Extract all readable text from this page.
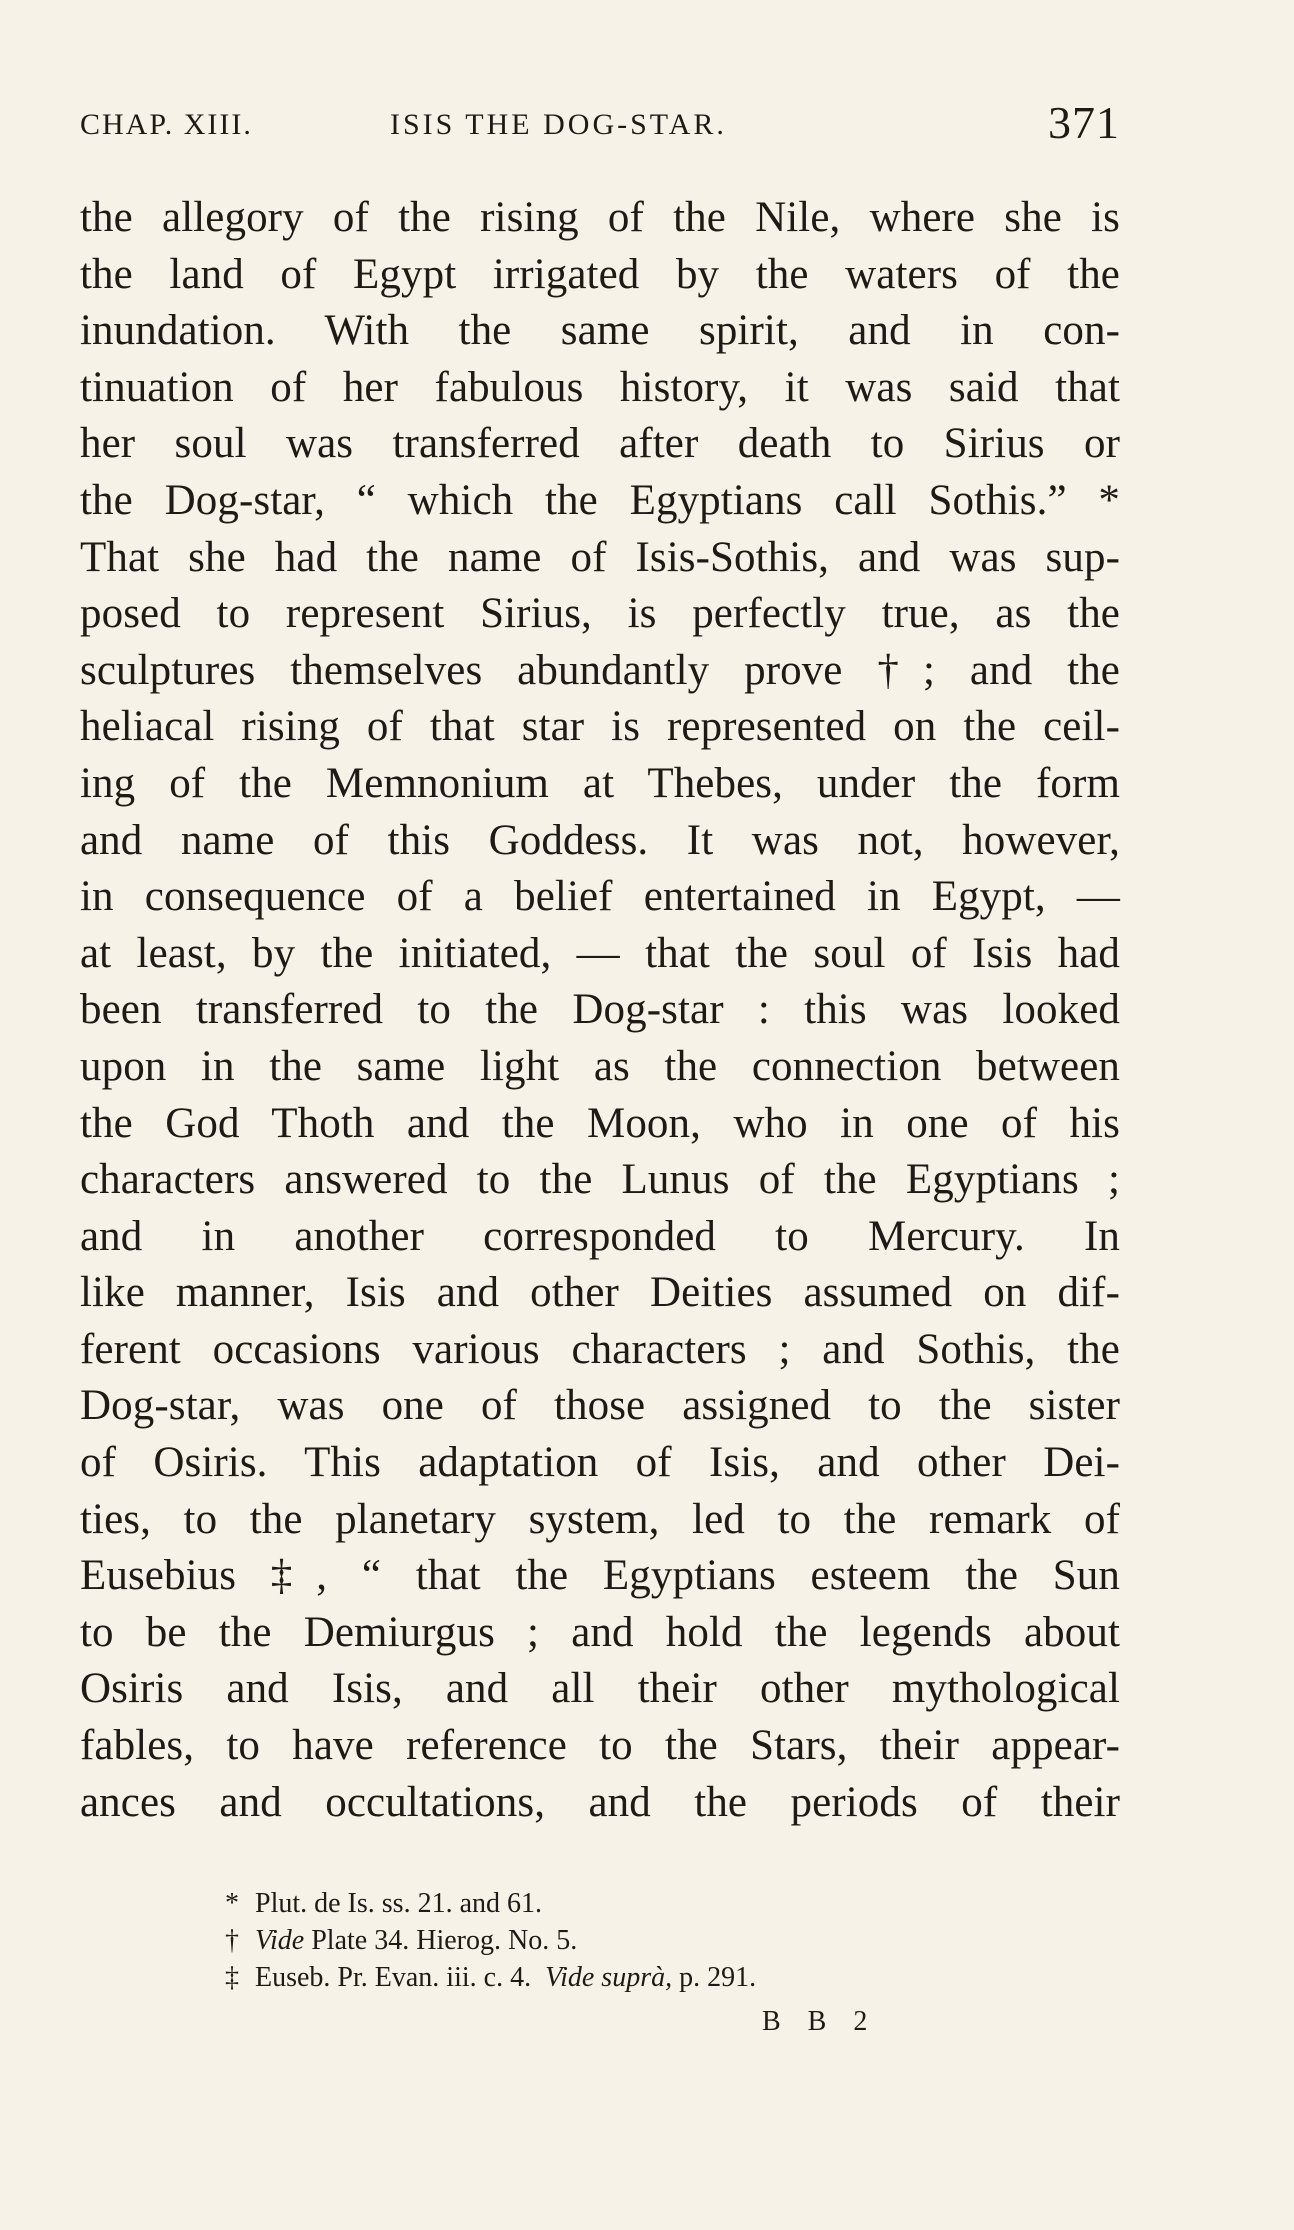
CHAP. XIII.	ISIS THE DOG-STAR.	371
the allegory of the rising of the Nile, where she is
the land of Egypt irrigated by the waters of the
inundation. With the same spirit, and in con-
tinuation of her fabulous history, it was said that
her soul was transferred after death to Sirius or
the Dog-star, “ which the Egyptians call Sothis.” *
That she had the name of Isis-Sothis, and was sup-
posed to represent Sirius, is perfectly true, as the
sculptures themselves abundantly prove †; and the
heliacal rising of that star is represented on the ceil-
ing of the Memnonium at Thebes, under the form
and name of this Goddess. It was not, however,
in consequence of a belief entertained in Egypt, —
at least, by the initiated, — that the soul of Isis had
been transferred to the Dog-star : this was looked
upon in the same light as the connection between
the God Thoth and the Moon, who in one of his
characters answered to the Lunus of the Egyptians ;
and in another corresponded to Mercury. In
like manner, Isis and other Deities assumed on dif-
ferent occasions various characters ; and Sothis, the
Dog-star, was one of those assigned to the sister
of Osiris. This adaptation of Isis, and other Dei-
ties, to the planetary system, led to the remark of
Eusebius ‡, “ that the Egyptians esteem the Sun
to be the Demiurgus ; and hold the legends about
Osiris and Isis, and all their other mythological
fables, to have reference to the Stars, their appear-
ances and occultations, and the periods of their
* Plut. de Is. ss. 21. and 61.
† Vide Plate 34. Hierog. No. 5.
‡ Euseb. Pr. Evan. iii. c. 4.  Vide suprà, p. 291.
B B 2
